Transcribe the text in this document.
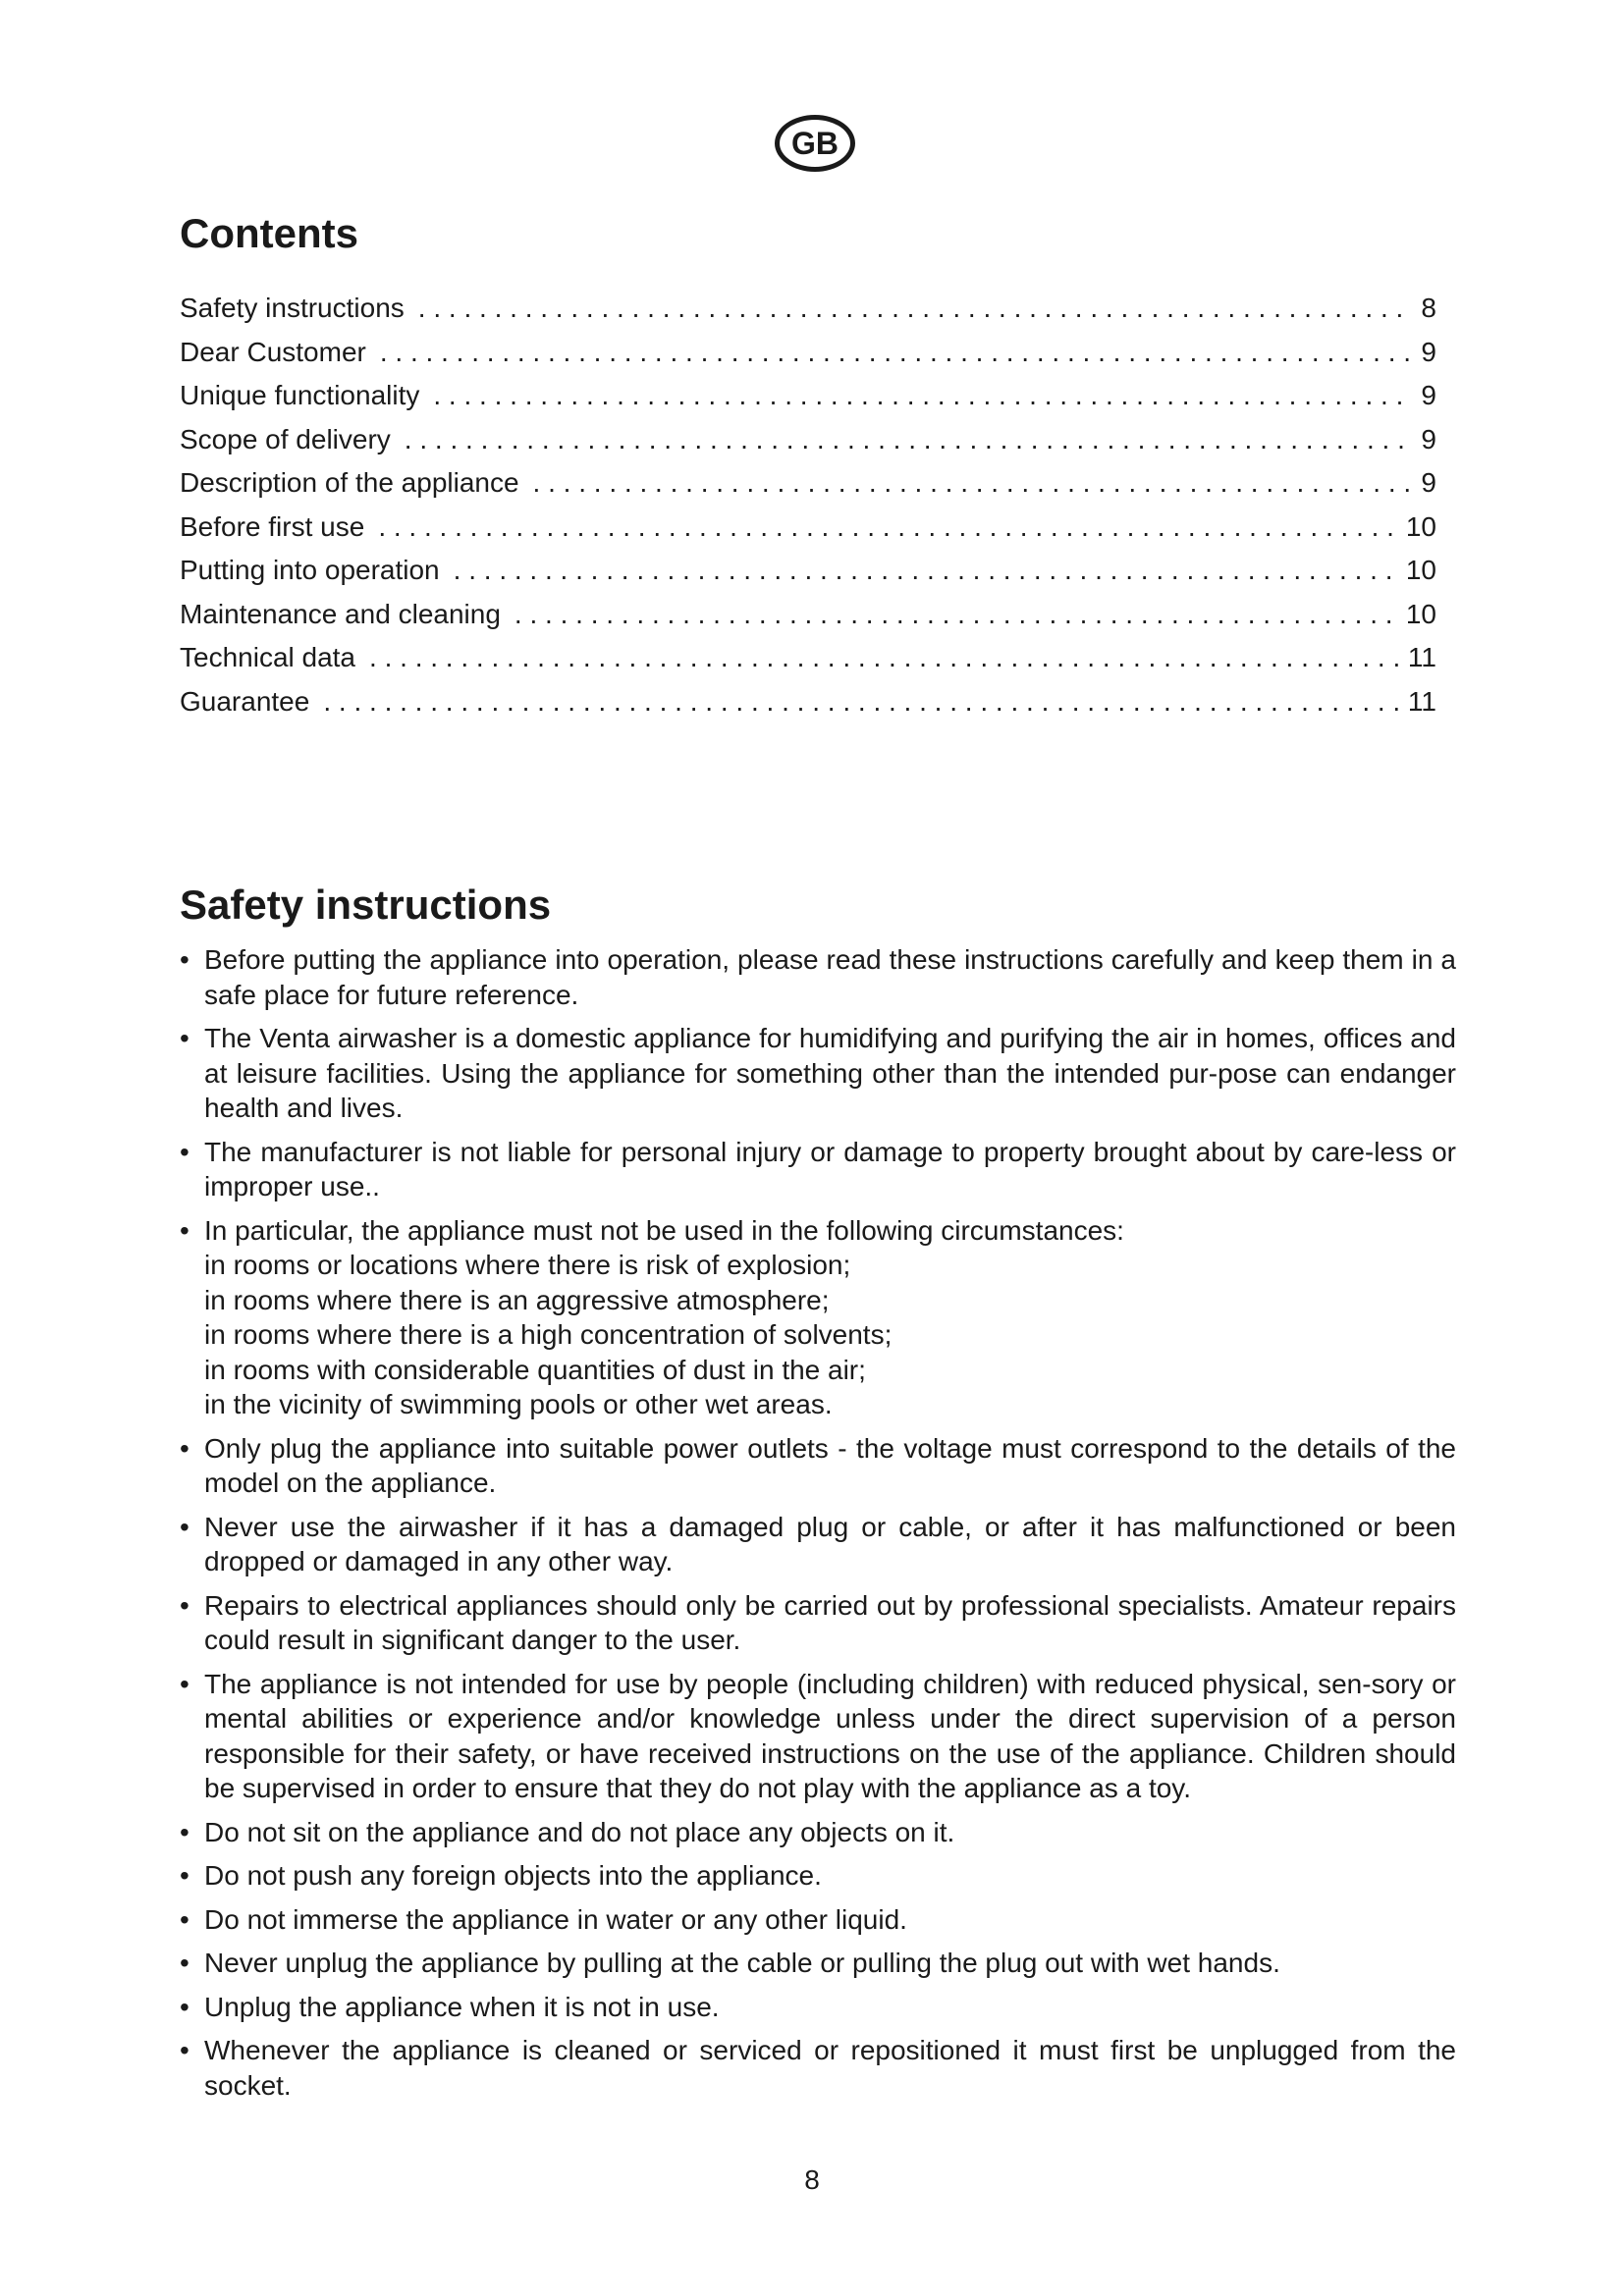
GB
Contents
Safety instructions . . .	8
Dear Customer . . .	9
Unique functionality . . .	9
Scope of delivery . . .	9
Description of the appliance . . .	9
Before first use . . .	10
Putting into operation . . .	10
Maintenance and cleaning . . .	10
Technical data . . .	11
Guarantee . . .	11
Safety instructions
• Before putting the appliance into operation, please read these instructions carefully and keep them in a safe place for future reference.
• The Venta airwasher is a domestic appliance for humidifying and purifying the air in homes, offices and at leisure facilities. Using the appliance for something other than the intended pur-pose can endanger health and lives.
• The manufacturer is not liable for personal injury or damage to property brought about by care-less or improper use..
• In particular, the appliance must not be used in the following circumstances:
in rooms or locations where there is risk of explosion;
in rooms where there is an aggressive atmosphere;
in rooms where there is a high concentration of solvents;
in rooms with considerable quantities of dust in the air;
in the vicinity of swimming pools or other wet areas.
• Only plug the appliance into suitable power outlets - the voltage must correspond to the details of the model on the appliance.
• Never use the airwasher if it has a damaged plug or cable, or after it has malfunctioned or been dropped or damaged in any other way.
• Repairs to electrical appliances should only be carried out by professional specialists. Amateur repairs could result in significant danger to the user.
• The appliance is not intended for use by people (including children) with reduced physical, sen-sory or mental abilities or experience and/or knowledge unless under the direct supervision of a person responsible for their safety, or have received instructions on the use of the appliance. Children should be supervised in order to ensure that they do not play with the appliance as a toy.
• Do not sit on the appliance and do not place any objects on it.
• Do not push any foreign objects into the appliance.
• Do not immerse the appliance in water or any other liquid.
• Never unplug the appliance by pulling at the cable or pulling the plug out with wet hands.
• Unplug the appliance when it is not in use.
• Whenever the appliance is cleaned or serviced or repositioned it must first be unplugged from the socket.
8
